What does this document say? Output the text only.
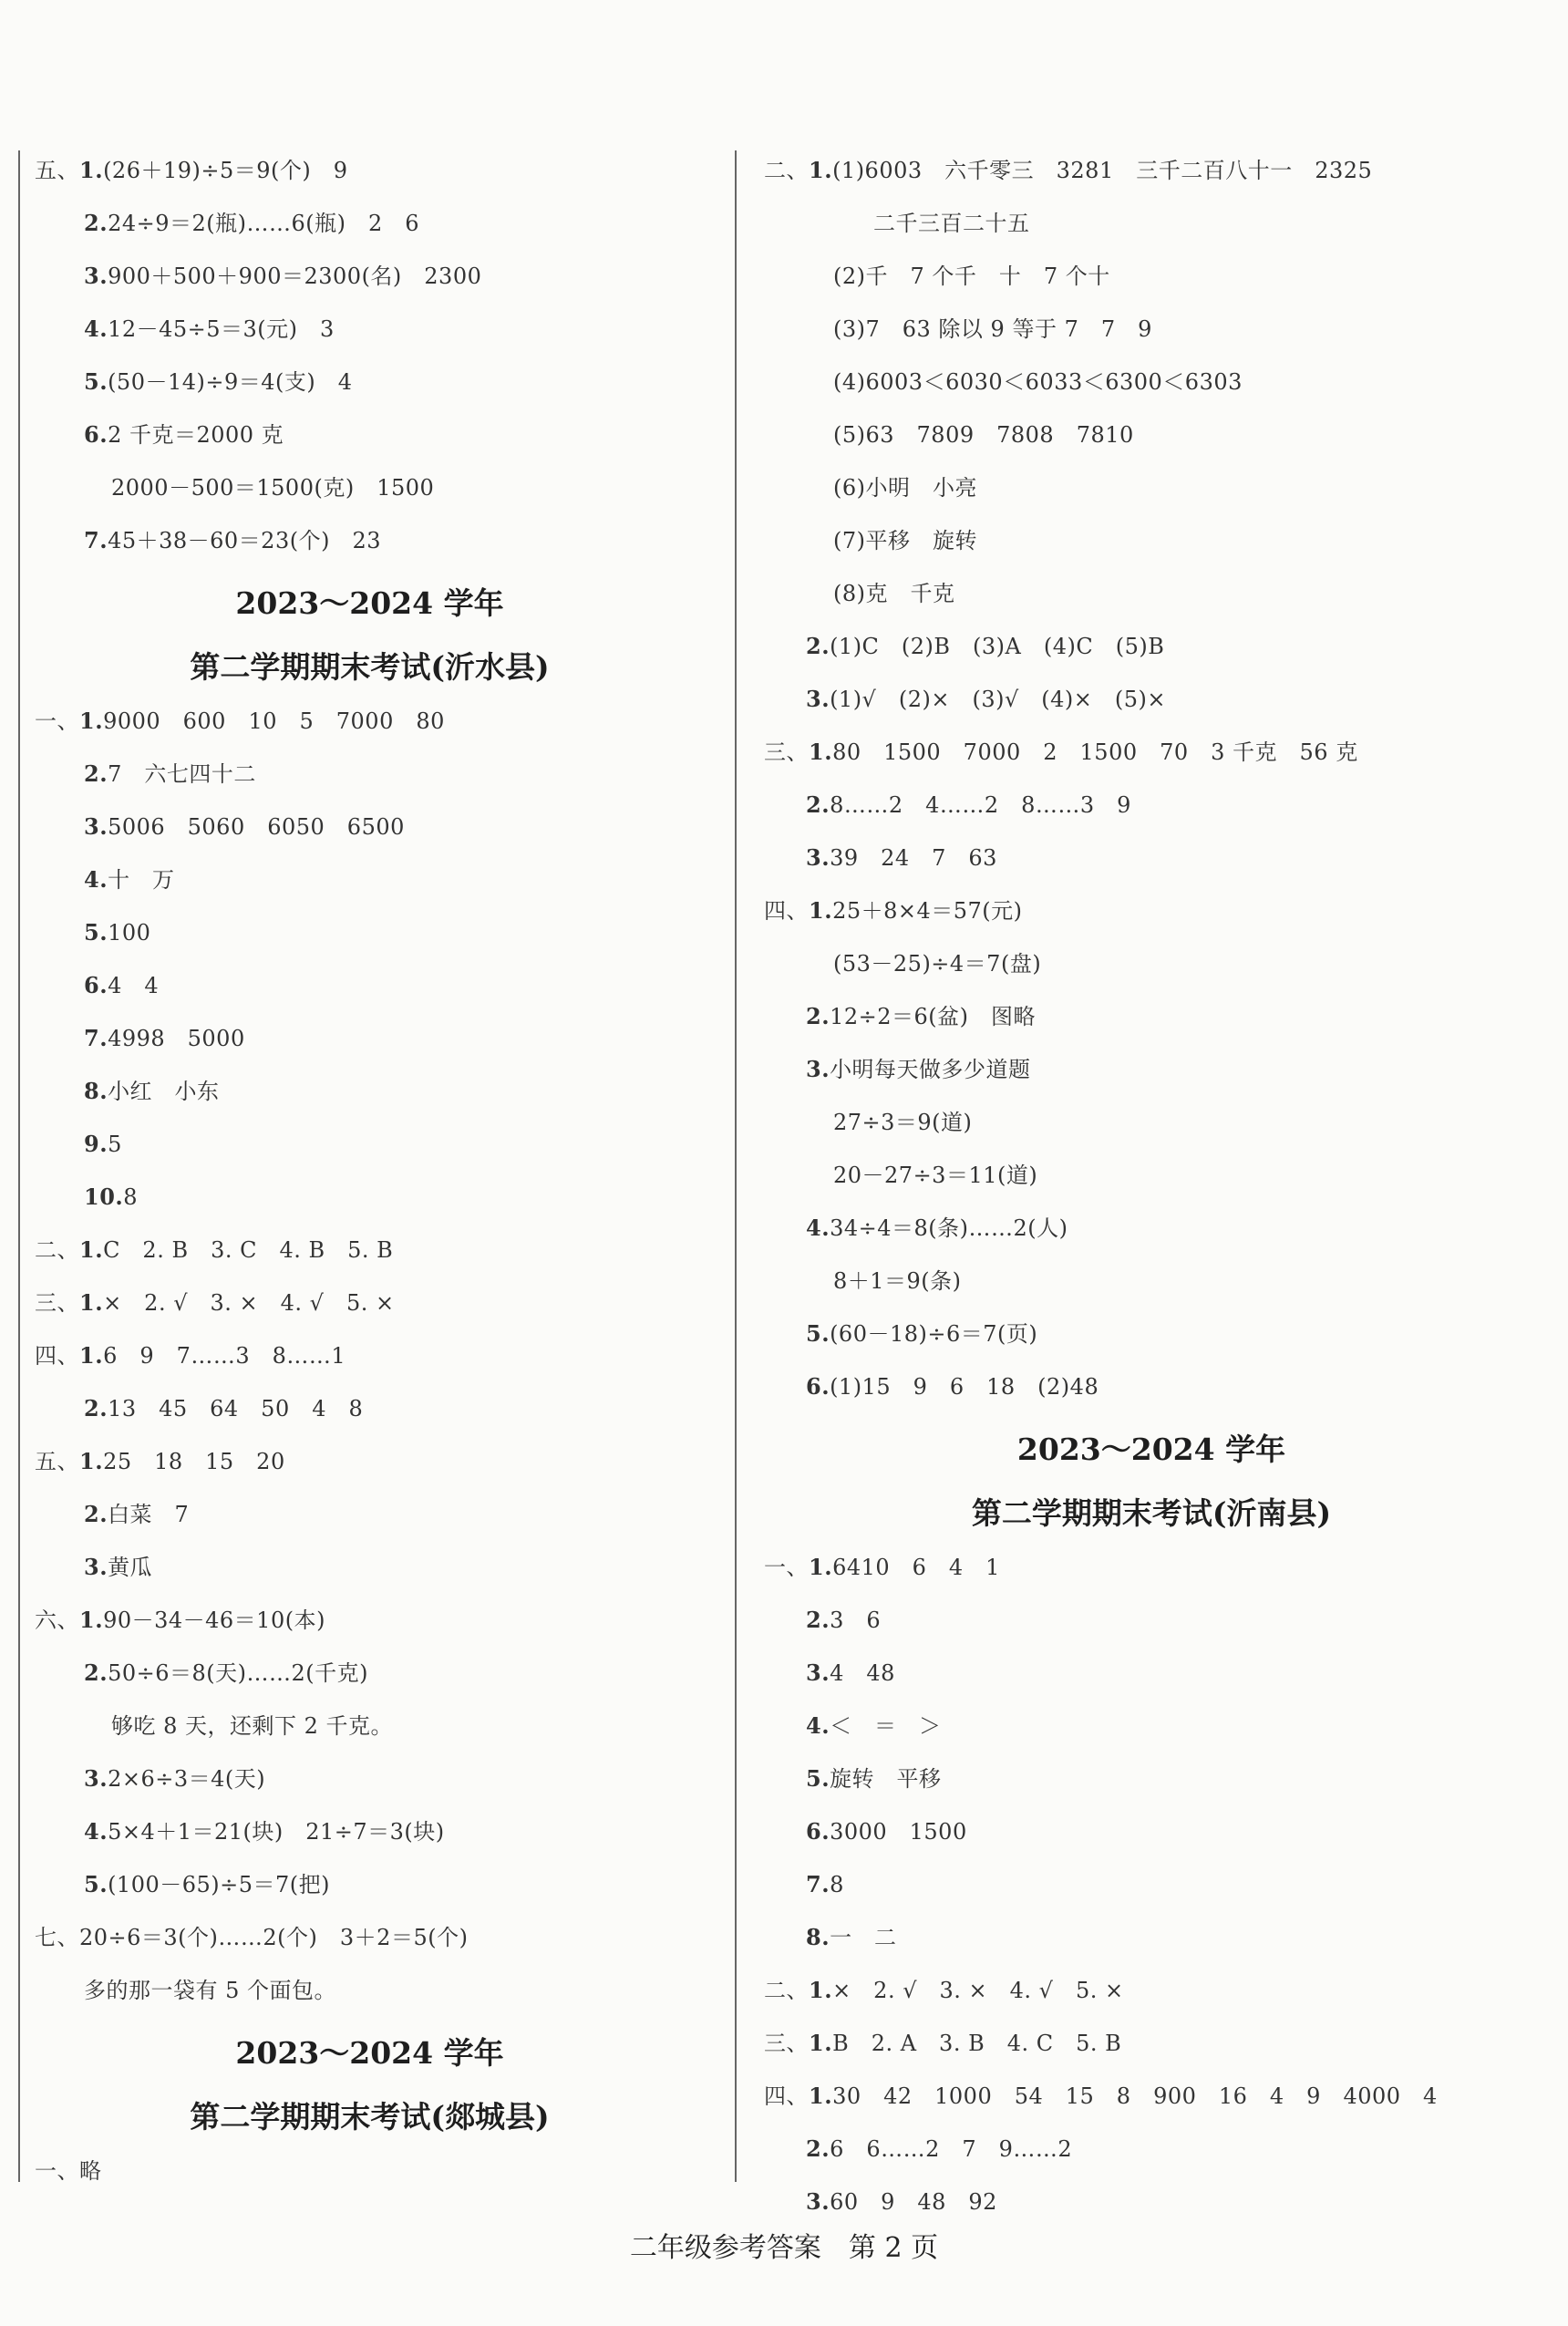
五、1.(26＋19)÷5＝9(个)　9
2.24÷9＝2(瓶)……6(瓶)　2　6
3.900＋500＋900＝2300(名)　2300
4.12－45÷5＝3(元)　3
5.(50－14)÷9＝4(支)　4
6.2 千克＝2000 克
2000－500＝1500(克)　1500
7.45＋38－60＝23(个)　23
2023～2024 学年
第二学期期末考试(沂水县)
一、1.9000　600　10　5　7000　80
2.7　六七四十二
3.5006　5060　6050　6500
4.十　万
5.100
6.4　4
7.4998　5000
8.小红　小东
9.5
10.8
二、1.C　2. B　3. C　4. B　5. B
三、1.×　2. √　3. ×　4. √　5. ×
四、1.6　9　7……3　8……1
2.13　45　64　50　4　8
五、1.25　18　15　20
2.白菜　7
3.黄瓜
六、1.90－34－46＝10(本)
2.50÷6＝8(天)……2(千克)
够吃 8 天，还剩下 2 千克。
3.2×6÷3＝4(天)
4.5×4＋1＝21(块)　21÷7＝3(块)
5.(100－65)÷5＝7(把)
七、20÷6＝3(个)……2(个)　3＋2＝5(个)
多的那一袋有 5 个面包。
2023～2024 学年
第二学期期末考试(郯城县)
一、略
二、1.(1)6003　六千零三　3281　三千二百八十一　2325
二千三百二十五
(2)千　7 个千　十　7 个十
(3)7　63 除以 9 等于 7　7　9
(4)6003＜6030＜6033＜6300＜6303
(5)63　7809　7808　7810
(6)小明　小亮
(7)平移　旋转
(8)克　千克
2.(1)C　(2)B　(3)A　(4)C　(5)B
3.(1)√　(2)×　(3)√　(4)×　(5)×
三、1.80　1500　7000　2　1500　70　3 千克　56 克
2.8……2　4……2　8……3　9
3.39　24　7　63
四、1.25＋8×4＝57(元)
(53－25)÷4＝7(盘)
2.12÷2＝6(盆)　图略
3.小明每天做多少道题
27÷3＝9(道)
20－27÷3＝11(道)
4.34÷4＝8(条)……2(人)
8＋1＝9(条)
5.(60－18)÷6＝7(页)
6.(1)15　9　6　18　(2)48
2023～2024 学年
第二学期期末考试(沂南县)
一、1.6410　6　4　1
2.3　6
3.4　48
4.＜　＝　＞
5.旋转　平移
6.3000　1500
7.8
8.一　二
二、1.×　2. √　3. ×　4. √　5. ×
三、1.B　2. A　3. B　4. C　5. B
四、1.30　42　1000　54　15　8　900　16　4　9　4000　4
2.6　6……2　7　9……2
3.60　9　48　92
二年级参考答案　第 2 页
